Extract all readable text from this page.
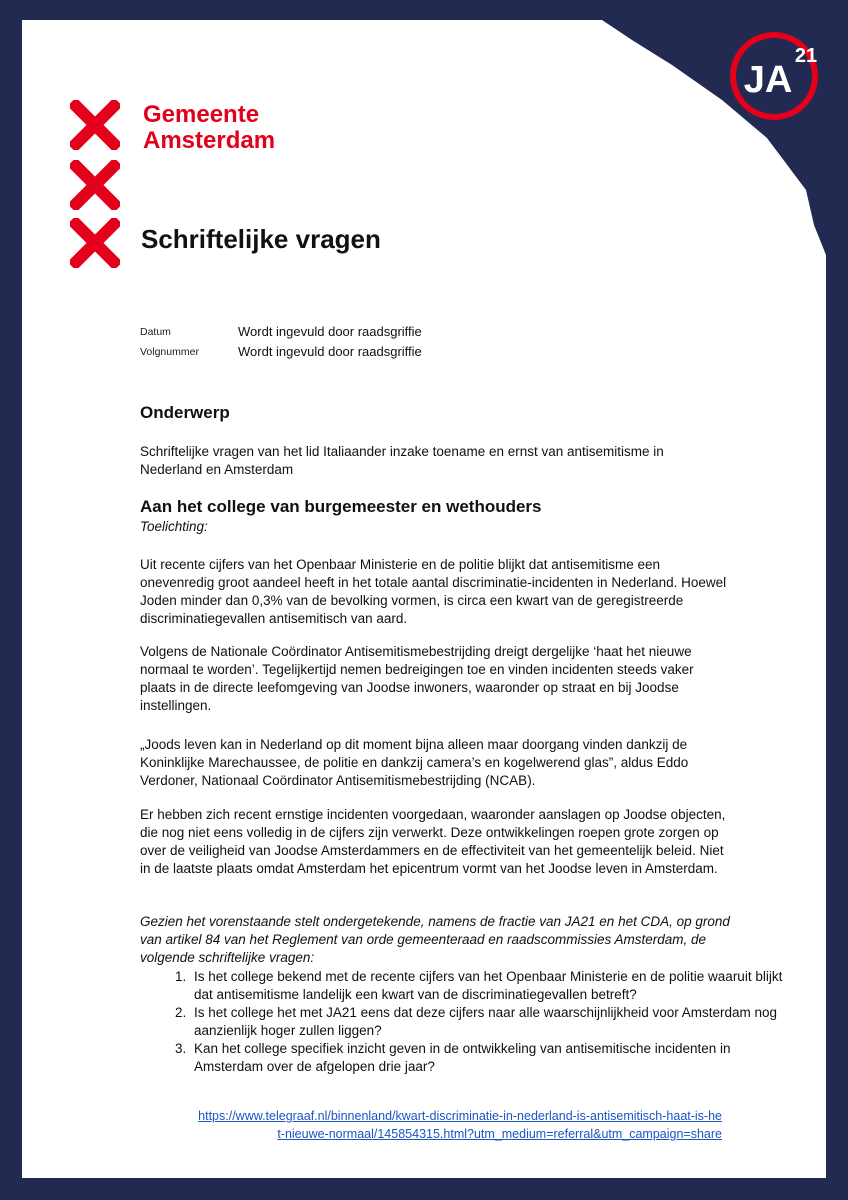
JA
21
Gemeente
Amsterdam
Schriftelijke vragen
Datum	Wordt ingevuld door raadsgriffie
Volgnummer	Wordt ingevuld door raadsgriffie
Onderwerp
Schriftelijke vragen van het lid Italiaander inzake toename en ernst van antisemitisme in
Nederland en Amsterdam
Aan het college van burgemeester en wethouders
Toelichting:
Uit recente cijfers van het Openbaar Ministerie en de politie blijkt dat antisemitisme een onevenredig groot aandeel heeft in het totale aantal discriminatie-incidenten in Nederland. Hoewel Joden minder dan 0,3% van de bevolking vormen, is circa een kwart van de geregistreerde discriminatiegevallen antisemitisch van aard.
Volgens de Nationale Coördinator Antisemitismebestrijding dreigt dergelijke ‘haat het nieuwe normaal te worden’. Tegelijkertijd nemen bedreigingen toe en vinden incidenten steeds vaker plaats in de directe leefomgeving van Joodse inwoners, waaronder op straat en bij Joodse instellingen.
„Joods leven kan in Nederland op dit moment bijna alleen maar doorgang vinden dankzij de Koninklijke Marechaussee, de politie en dankzij camera’s en kogelwerend glas”, aldus Eddo Verdoner, Nationaal Coördinator Antisemitismebestrijding (NCAB).
Er hebben zich recent ernstige incidenten voorgedaan, waaronder aanslagen op Joodse objecten, die nog niet eens volledig in de cijfers zijn verwerkt. Deze ontwikkelingen roepen grote zorgen op over de veiligheid van Joodse Amsterdammers en de effectiviteit van het gemeentelijk beleid. Niet in de laatste plaats omdat Amsterdam het epicentrum vormt van het Joodse leven in Amsterdam.
Gezien het vorenstaande stelt ondergetekende, namens de fractie van JA21 en het CDA, op grond van artikel 84 van het Reglement van orde gemeenteraad en raadscommissies Amsterdam, de volgende schriftelijke vragen:
1. Is het college bekend met de recente cijfers van het Openbaar Ministerie en de politie waaruit blijkt dat antisemitisme landelijk een kwart van de discriminatiegevallen betreft?
2. Is het college het met JA21 eens dat deze cijfers naar alle waarschijnlijkheid voor Amsterdam nog aanzienlijk hoger zullen liggen?
3. Kan het college specifiek inzicht geven in de ontwikkeling van antisemitische incidenten in Amsterdam over de afgelopen drie jaar?
https://www.telegraaf.nl/binnenland/kwart-discriminatie-in-nederland-is-antisemitisch-haat-is-he
t-nieuwe-normaal/145854315.html?utm_medium=referral&utm_campaign=share
